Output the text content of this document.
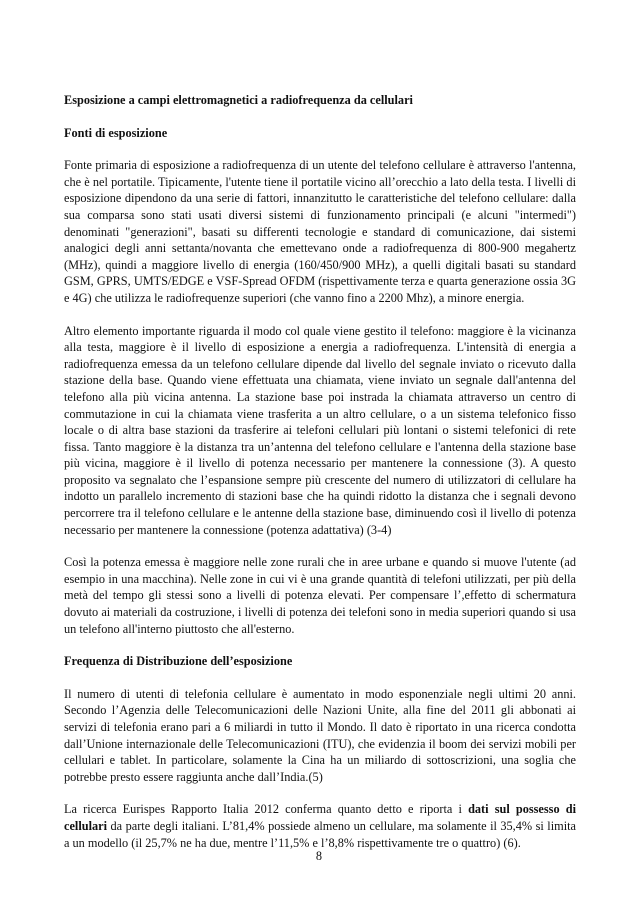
Esposizione a campi elettromagnetici a radiofrequenza da cellulari

Fonti di esposizione

Fonte primaria di esposizione a radiofrequenza di un utente del telefono cellulare è attraverso l'antenna, che è nel portatile. Tipicamente, l'utente tiene il portatile vicino all’orecchio a lato della testa. I livelli di esposizione dipendono da una serie di fattori, innanzitutto le caratteristiche del telefono cellulare: dalla sua comparsa sono stati usati diversi sistemi di funzionamento principali (e alcuni "intermedi") denominati "generazioni", basati su differenti tecnologie e standard di comunicazione, dai sistemi analogici degli anni settanta/novanta che emettevano onde a radiofrequenza di 800-900 megahertz (MHz), quindi a maggiore livello di energia (160/450/900 MHz), a quelli digitali basati su standard GSM, GPRS, UMTS/EDGE e VSF-Spread OFDM (rispettivamente terza e quarta generazione ossia 3G e 4G) che utilizza le radiofrequenze superiori (che vanno fino a 2200 Mhz), a minore energia.

Altro elemento importante riguarda il modo col quale viene gestito il telefono: maggiore è la vicinanza alla testa, maggiore è il livello di esposizione a energia a radiofrequenza. L'intensità di energia a radiofrequenza emessa da un telefono cellulare dipende dal livello del segnale inviato o ricevuto dalla stazione della base. Quando viene effettuata una chiamata, viene inviato un segnale dall'antenna del telefono alla più vicina antenna. La stazione base poi instrada la chiamata attraverso un centro di commutazione in cui la chiamata viene trasferita a un altro cellulare, o a un sistema telefonico fisso locale o di altra base stazioni da trasferire ai telefoni cellulari più lontani o sistemi telefonici di rete fissa. Tanto maggiore è la distanza tra un’antenna del telefono cellulare e l'antenna della stazione base più vicina, maggiore è il livello di potenza necessario per mantenere la connessione (3). A questo proposito va segnalato che l’espansione sempre più crescente del numero di utilizzatori di cellulare ha indotto un parallelo incremento di stazioni base che ha quindi ridotto la distanza che i segnali devono percorrere tra il telefono cellulare e le antenne della stazione base, diminuendo così il livello di potenza necessario per mantenere la connessione (potenza adattativa) (3-4)

Così la potenza emessa è maggiore nelle zone rurali che in aree urbane e quando si muove l'utente (ad esempio in una macchina). Nelle zone in cui vi è una grande quantità di telefoni utilizzati, per più della metà del tempo gli stessi sono a livelli di potenza elevati. Per compensare l’,effetto di schermatura dovuto ai materiali da costruzione, i livelli di potenza dei telefoni sono in media superiori quando si usa un telefono all'interno piuttosto che all'esterno.

Frequenza di Distribuzione dell’esposizione

Il numero di utenti di telefonia cellulare è aumentato in modo esponenziale negli ultimi 20 anni. Secondo l’Agenzia delle Telecomunicazioni delle Nazioni Unite, alla fine del 2011 gli abbonati ai servizi di telefonia erano pari a 6 miliardi in tutto il Mondo. Il dato è riportato in una ricerca condotta dall’Unione internazionale delle Telecomunicazioni (ITU), che evidenzia il boom dei servizi mobili per cellulari e tablet. In particolare, solamente la Cina ha un miliardo di sottoscrizioni, una soglia che potrebbe presto essere raggiunta anche dall’India.(5)

La ricerca Eurispes Rapporto Italia 2012 conferma quanto detto e riporta i dati sul possesso di cellulari da parte degli italiani. L’81,4% possiede almeno un cellulare, ma solamente il 35,4% si limita a un modello (il 25,7% ne ha due, mentre l’11,5% e l’8,8% rispettivamente tre o quattro) (6).

8
